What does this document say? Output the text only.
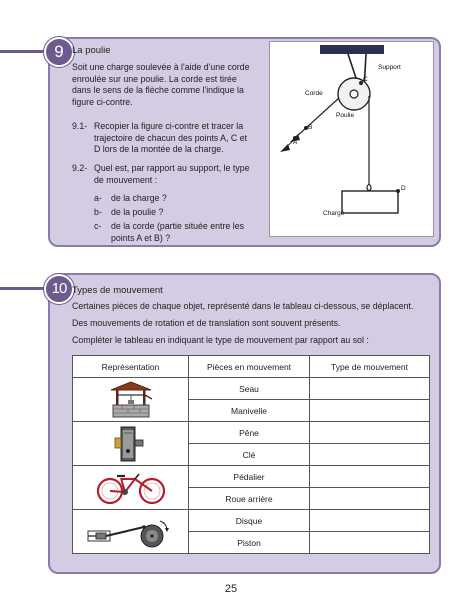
9 La poulie
Soit une charge soulevée à l'aide d'une corde
enroulée sur une poulie. La corde est tirée
dans le sens de la flèche comme l'indique la
figure ci-contre.
9.1- Recopier la figure ci-contre et tracer la
trajectoire de chacun des points A, C et
D lors de la montée de la charge.
9.2- Quel est, par rapport au support, le type
de mouvement :
a- de la charge ?
b- de la poulie ?
c- de la corde (partie située entre les
points A et B) ?
Support
Corde
Poulie
Charge
A
B
C
D
10 Types de mouvement
Certaines pièces de chaque objet, représenté dans le tableau ci-dessous, se déplacent.
Des mouvements de rotation et de translation sont souvent présents.
Compléter le tableau en indiquant le type de mouvement par rapport au sol :
Représentation	Pièces en mouvement	Type de mouvement

	Seau	
	Manivelle	

	Pêne	
	Clé	

	Pédalier	
	Roue arrière	

	Disque	
	Piston	
25
